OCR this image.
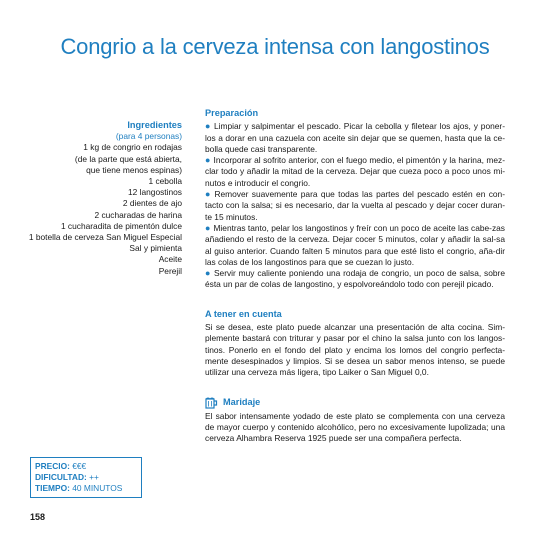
Congrio a la cerveza intensa con langostinos
Ingredientes
(para 4 personas)
1 kg de congrio en rodajas
(de la parte que está abierta,
que tiene menos espinas)
1 cebolla
12 langostinos
2 dientes de ajo
2 cucharadas de harina
1 cucharadita de pimentón dulce
1 botella de cerveza San Miguel Especial
Sal y pimienta
Aceite
Perejil
Preparación

● Limpiar y salpimentar el pescado. Picar la cebolla y filetear los ajos, y poner-los a dorar en una cazuela con aceite sin dejar que se quemen, hasta que la ce-bolla quede casi transparente.

● Incorporar al sofrito anterior, con el fuego medio, el pimentón y la harina, mez-clar todo y añadir la mitad de la cerveza. Dejar que cueza poco a poco unos mi-nutos e introducir el congrio.

● Remover suavemente para que todas las partes del pescado estén en con-tacto con la salsa; si es necesario, dar la vuelta al pescado y dejar cocer duran-te 15 minutos.

● Mientras tanto, pelar los langostinos y freír con un poco de aceite las cabe-zas añadiendo el resto de la cerveza. Dejar cocer 5 minutos, colar y añadir la sal-sa al guiso anterior. Cuando falten 5 minutos para que esté listo el congrio, aña-dir las colas de los langostinos para que se cuezan lo justo.

● Servir muy caliente poniendo una rodaja de congrio, un poco de salsa, sobre ésta un par de colas de langostino, y espolvoreándolo todo con perejil picado.

A tener en cuenta

Si se desea, este plato puede alcanzar una presentación de alta cocina. Sim-plemente bastará con triturar y pasar por el chino la salsa junto con los langos-tinos. Ponerlo en el fondo del plato y encima los lomos del congrio perfecta-mente desespinados y limpios. Si se desea un sabor menos intenso, se puede utilizar una cerveza más ligera, tipo Laiker o San Miguel 0,0.

Maridaje

El sabor intensamente yodado de este plato se complementa con una cerveza de mayor cuerpo y contenido alcohólico, pero no excesivamente lupolizada; una cerveza Alhambra Reserva 1925 puede ser una compañera perfecta.

PRECIO: €€€
DIFICULTAD: ++
TIEMPO: 40 MINUTOS
158
